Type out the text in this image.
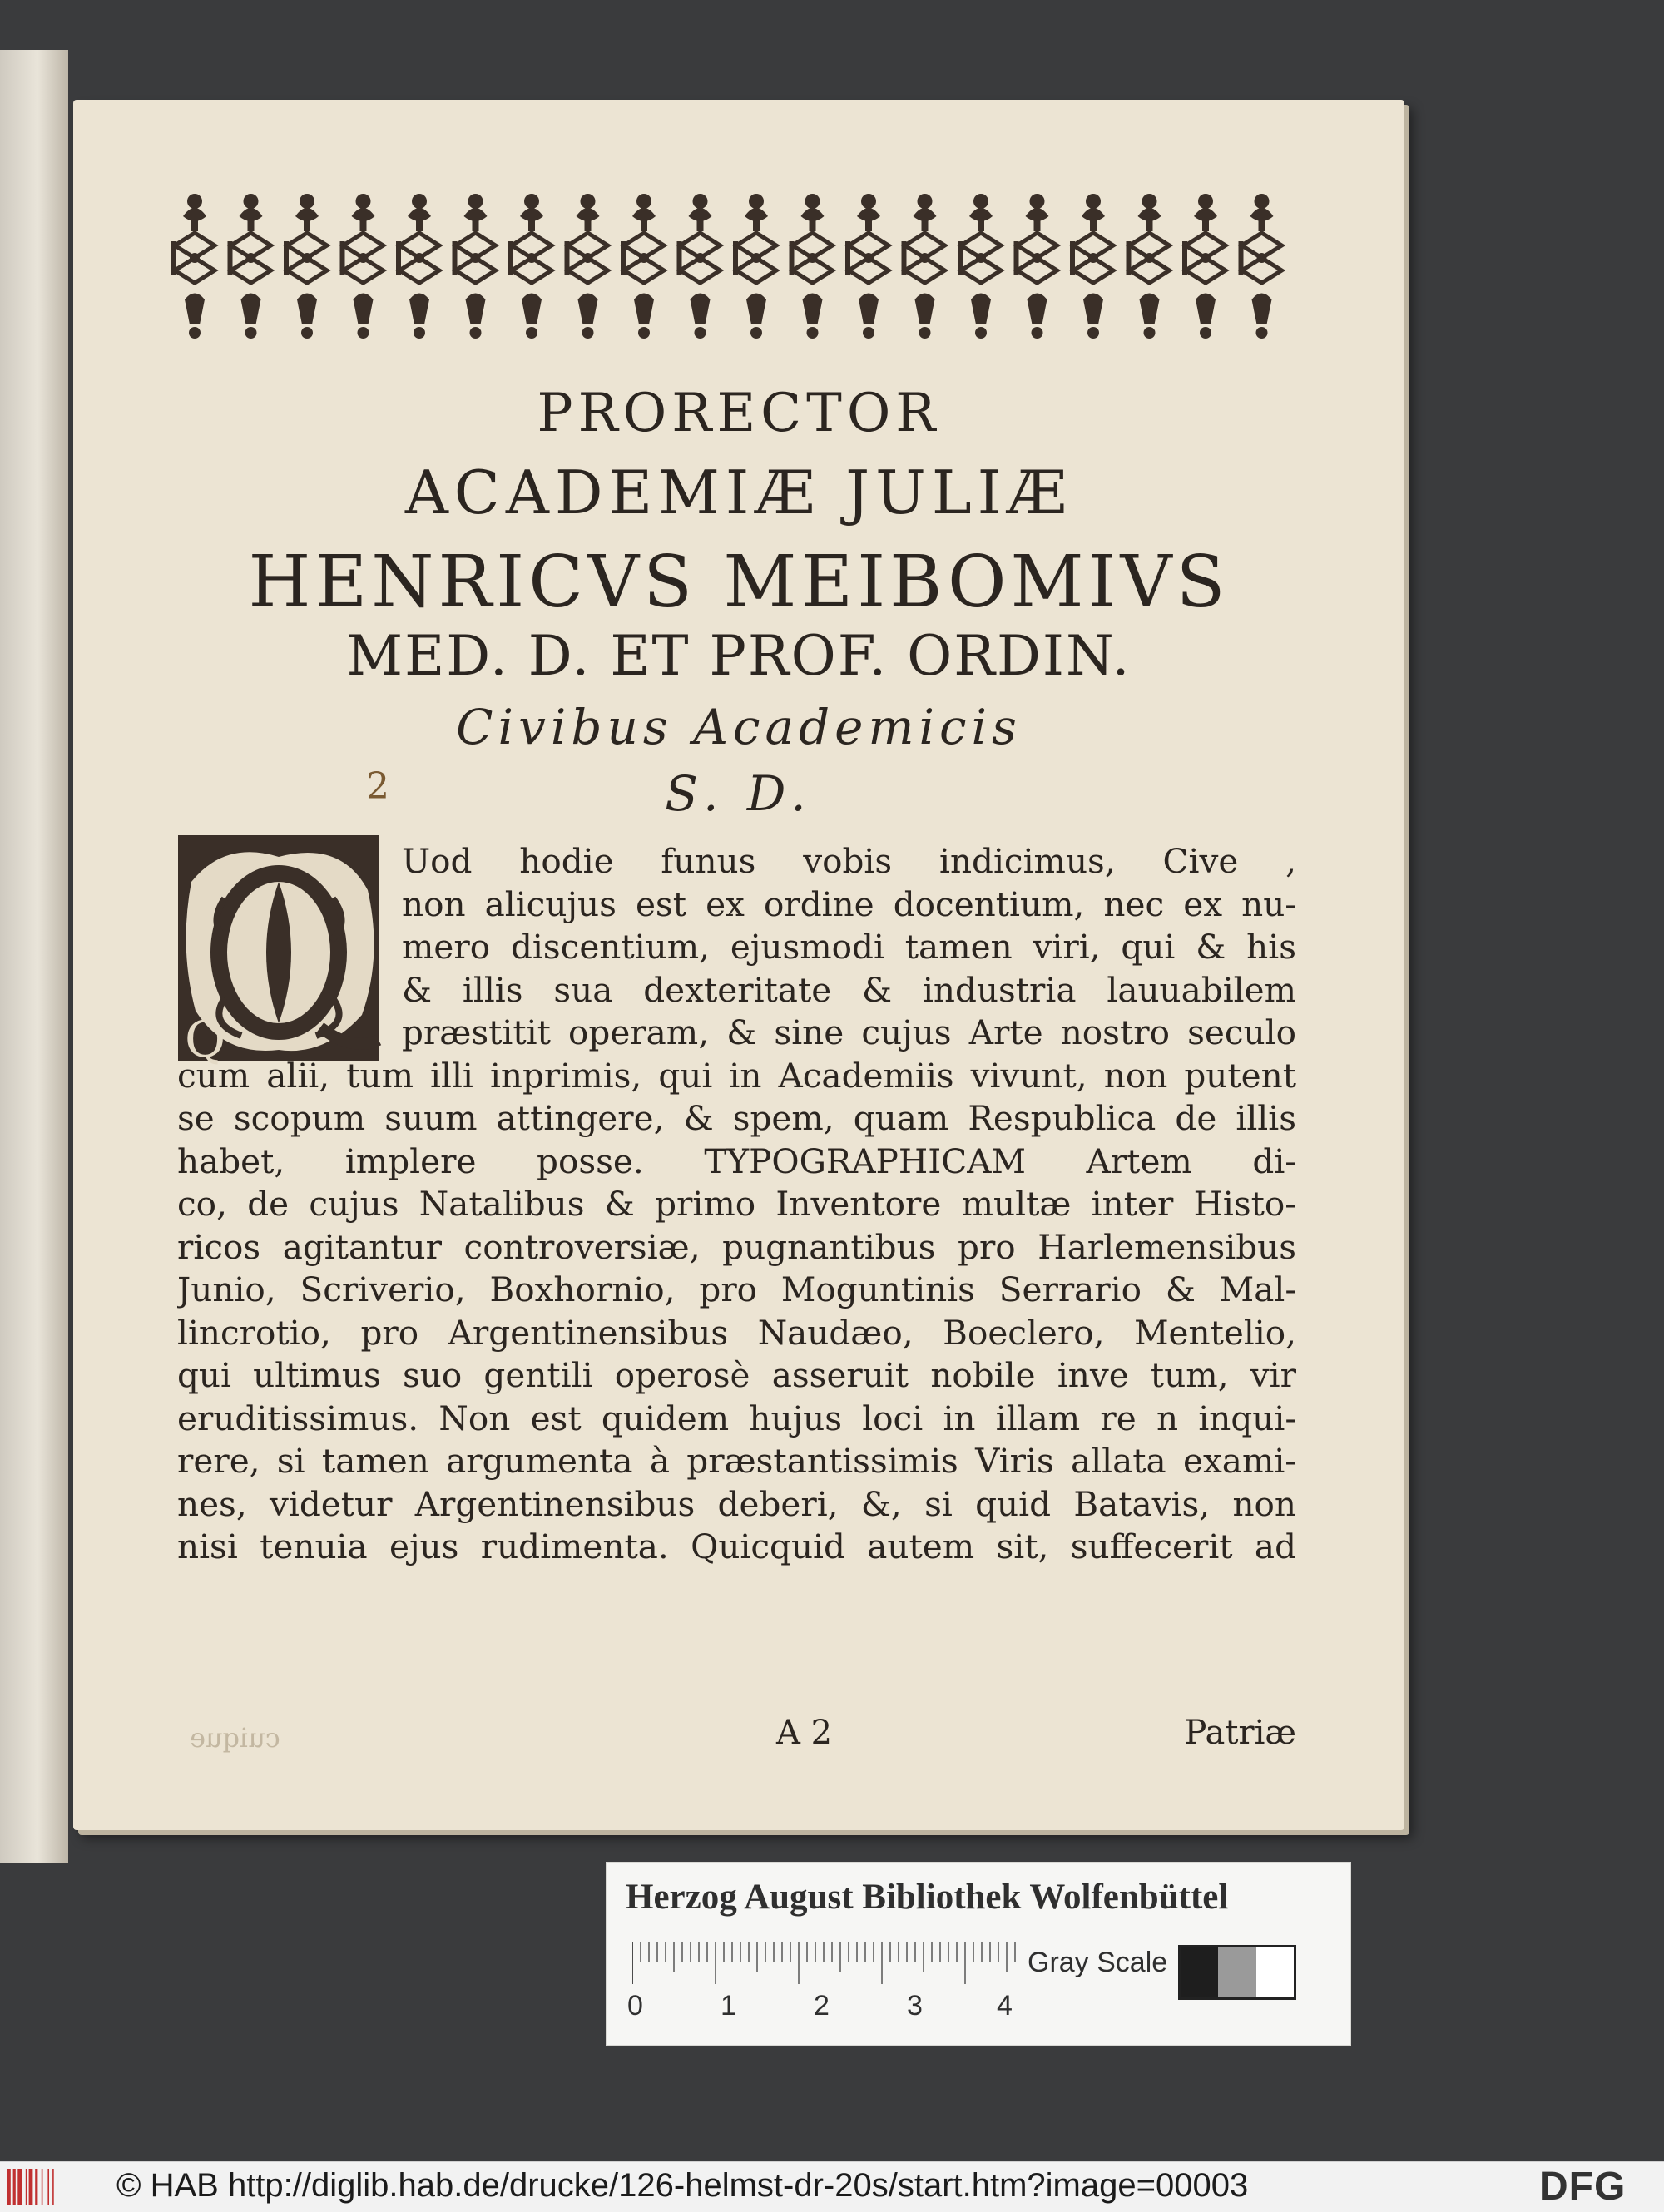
PRORECTOR
ACADEMIÆ JULIÆ
HENRICVS MEIBOMIVS
MED. D. ET PROF. ORDIN.
Civibus Academicis
S. D.
2
Q
Uod hodie funus vobis indicimus, Cive ,
non alicujus est ex ordine docentium, nec ex nu-
mero discentium, ejusmodi tamen viri, qui & his
& illis sua dexteritate & industria lauuabilem
præstitit operam, & sine cujus Arte nostro seculo
cum alii, tum illi inprimis, qui in Academiis vivunt, non putent
se scopum suum attingere, & spem, quam Respublica de illis
habet, implere posse. TYPOGRAPHICAM Artem di-
co, de cujus Natalibus & primo Inventore multæ inter Histo-
ricos agitantur controversiæ, pugnantibus pro Harlemensibus
Junio, Scriverio, Boxhornio, pro Moguntinis Serrario & Mal-
lincrotio, pro Argentinensibus Naudæo, Boeclero, Mentelio,
qui ultimus suo gentili operosè asseruit nobile inve tum, vir
eruditissimus. Non est quidem hujus loci in illam re n inqui-
rere, si tamen argumenta à præstantissimis Viris allata exami-
nes, videtur Argentinensibus deberi, &, si quid Batavis, non
nisi tenuia ejus rudimenta. Quicquid autem sit, suffecerit ad
cuique	A 2	Patriæ
Herzog August Bibliothek Wolfenbüttel
0	1	2	3	4
Gray Scale
© HAB http://diglib.hab.de/drucke/126-helmst-dr-20s/start.htm?image=00003	DFG
